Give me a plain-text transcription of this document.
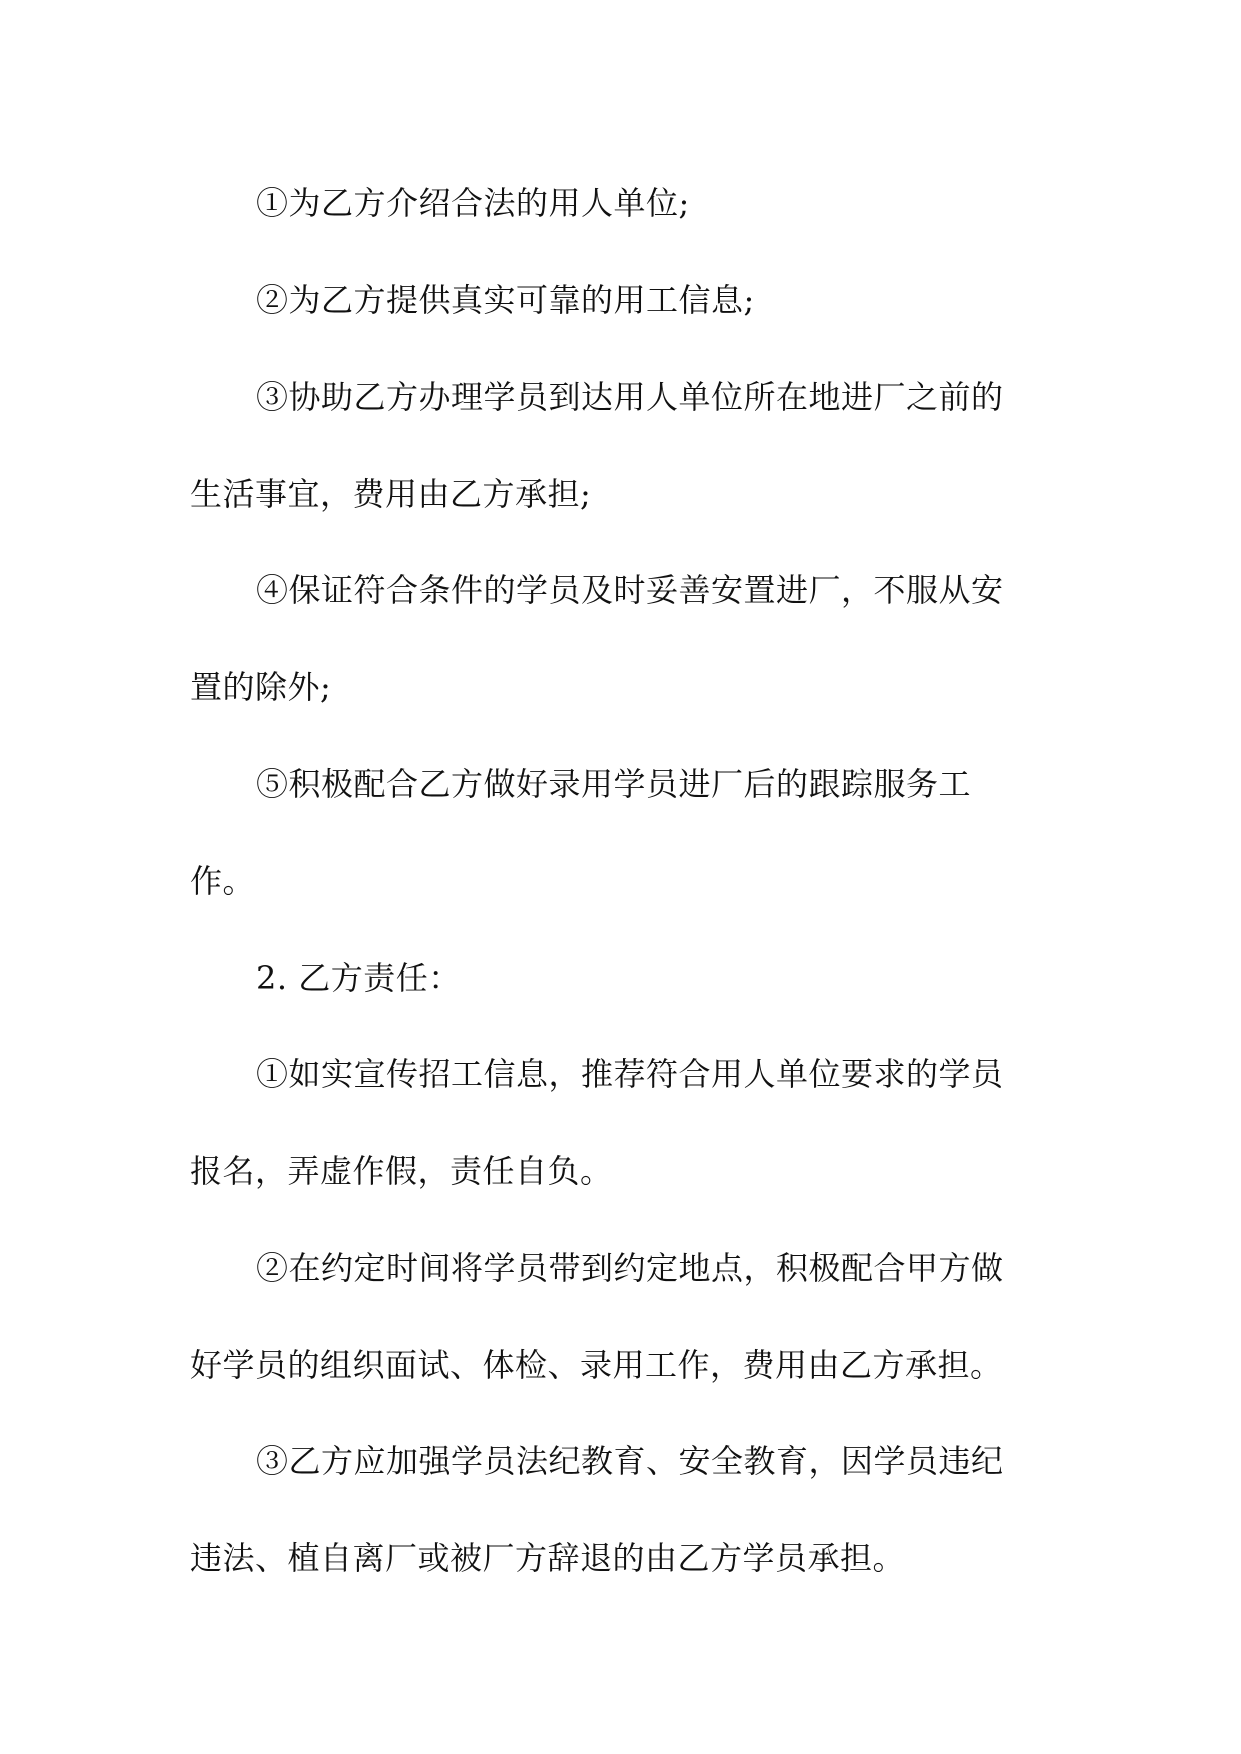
①为乙方介绍合法的用人单位;
②为乙方提供真实可靠的用工信息;
③协助乙方办理学员到达用人单位所在地进厂之前的
生活事宜，费用由乙方承担;
④保证符合条件的学员及时妥善安置进厂，不服从安
置的除外;
⑤积极配合乙方做好录用学员进厂后的跟踪服务工
作。
2. 乙方责任：
①如实宣传招工信息，推荐符合用人单位要求的学员
报名，弄虚作假，责任自负。
②在约定时间将学员带到约定地点，积极配合甲方做
好学员的组织面试、体检、录用工作，费用由乙方承担。
③乙方应加强学员法纪教育、安全教育，因学员违纪
违法、植自离厂或被厂方辞退的由乙方学员承担。
